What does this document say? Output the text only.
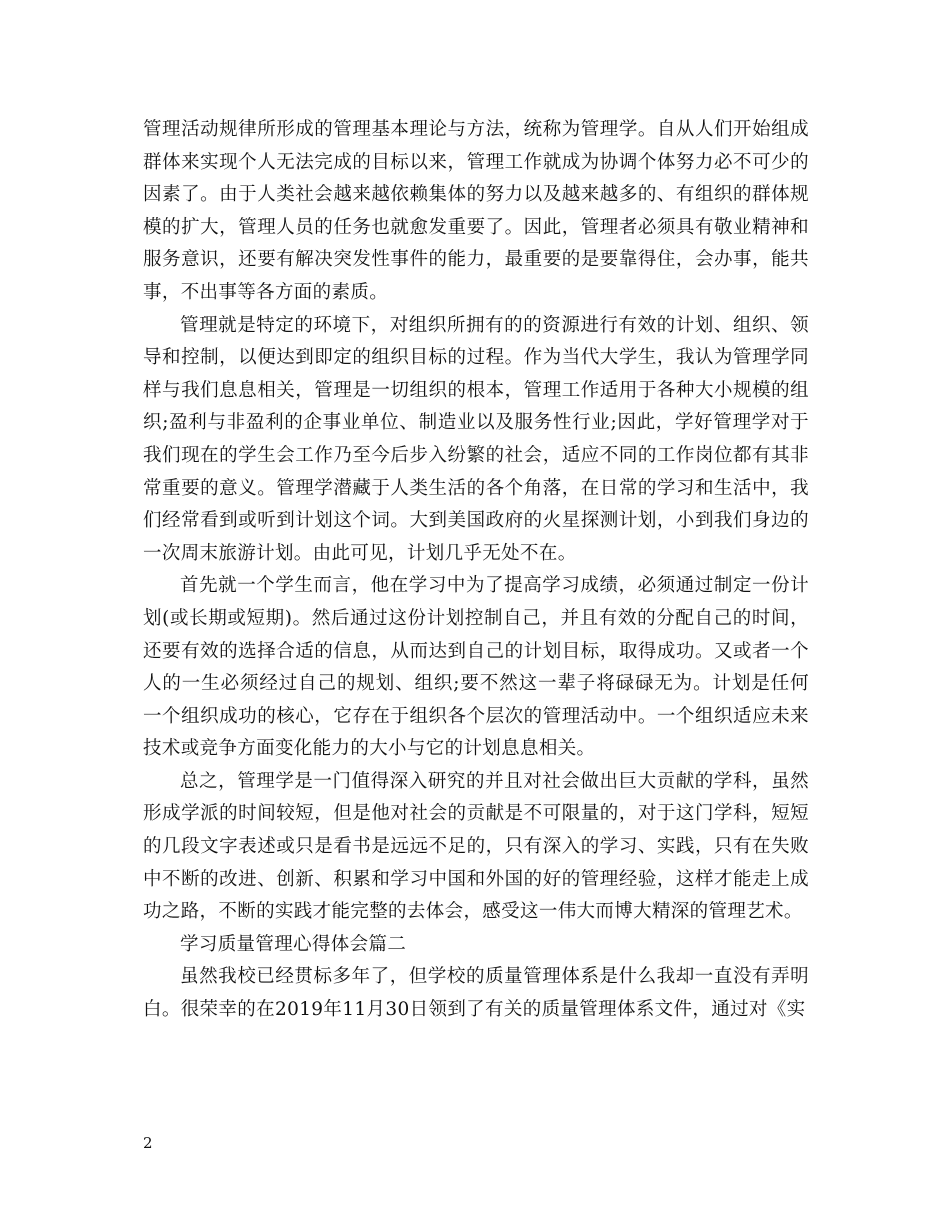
管理活动规律所形成的管理基本理论与方法，统称为管理学。自从人们开始组成群体来实现个人无法完成的目标以来，管理工作就成为协调个体努力必不可少的因素了。由于人类社会越来越依赖集体的努力以及越来越多的、有组织的群体规模的扩大，管理人员的任务也就愈发重要了。因此，管理者必须具有敬业精神和服务意识，还要有解决突发性事件的能力，最重要的是要靠得住，会办事，能共事，不出事等各方面的素质。

管理就是特定的环境下，对组织所拥有的的资源进行有效的计划、组织、领导和控制，以便达到即定的组织目标的过程。作为当代大学生，我认为管理学同样与我们息息相关，管理是一切组织的根本，管理工作适用于各种大小规模的组织;盈利与非盈利的企事业单位、制造业以及服务性行业;因此，学好管理学对于我们现在的学生会工作乃至今后步入纷繁的社会，适应不同的工作岗位都有其非常重要的意义。管理学潜藏于人类生活的各个角落，在日常的学习和生活中，我们经常看到或听到计划这个词。大到美国政府的火星探测计划，小到我们身边的一次周末旅游计划。由此可见，计划几乎无处不在。

首先就一个学生而言，他在学习中为了提高学习成绩，必须通过制定一份计划(或长期或短期)。然后通过这份计划控制自己，并且有效的分配自己的时间，还要有效的选择合适的信息，从而达到自己的计划目标，取得成功。又或者一个人的一生必须经过自己的规划、组织;要不然这一辈子将碌碌无为。计划是任何一个组织成功的核心，它存在于组织各个层次的管理活动中。一个组织适应未来技术或竞争方面变化能力的大小与它的计划息息相关。

总之，管理学是一门值得深入研究的并且对社会做出巨大贡献的学科，虽然形成学派的时间较短，但是他对社会的贡献是不可限量的，对于这门学科，短短的几段文字表述或只是看书是远远不足的，只有深入的学习、实践，只有在失败中不断的改进、创新、积累和学习中国和外国的好的管理经验，这样才能走上成功之路，不断的实践才能完整的去体会，感受这一伟大而博大精深的管理艺术。

学习质量管理心得体会篇二

虽然我校已经贯标多年了，但学校的质量管理体系是什么我却一直没有弄明白。很荣幸的在2019年11月30日领到了有关的质量管理体系文件，通过对《实

2
